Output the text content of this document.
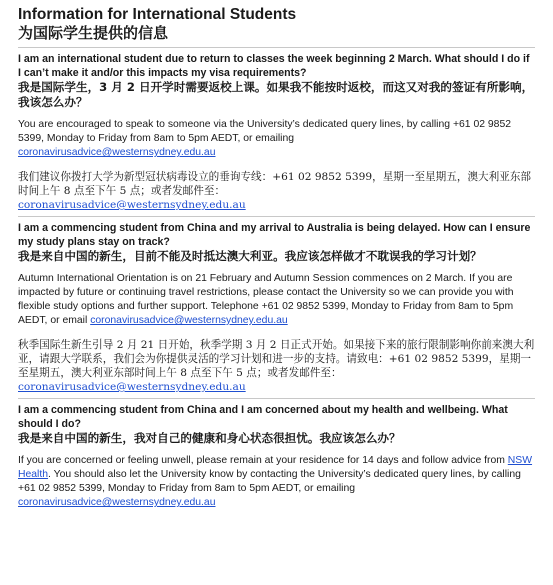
Information for International Students
为国际学生提供的信息

I am an international student due to return to classes the week beginning 2 March. What should I do if I can’t make it and/or this impacts my visa requirements?

我是国际学生，3 月 2 日开学时需要返校上课。如果我不能按时返校，而这又对我的签证有所影响，我该怎么办？

You are encouraged to speak to someone via the University’s dedicated query lines, by calling +61 02 9852 5399, Monday to Friday from 8am to 5pm AEDT, or emailing
coronavirusadvice@westernsydney.edu.au

我们建议你拨打大学为新型冠状病毒设立的垂询专线：+61 02 9852 5399，星期一至星期五，澳大利亚东部时间上午 8 点至下午 5 点；或者发邮件至：
coronavirusadvice@westernsydney.edu.au

I am a commencing student from China and my arrival to Australia is being delayed. How can I ensure my study plans stay on track?

我是来自中国的新生，目前不能及时抵达澳大利亚。我应该怎样做才不耽误我的学习计划？

Autumn International Orientation is on 21 February and Autumn Session commences on 2 March. If you are impacted by future or continuing travel restrictions, please contact the University so we can provide you with flexible study options and further support. Telephone +61 02 9852 5399, Monday to Friday from 8am to 5pm AEDT, or email coronavirusadvice@westernsydney.edu.au

秋季国际生新生引导 2 月 21 日开始，秋季学期 3 月 2 日正式开始。如果接下来的旅行限制影响你前来澳大利亚，请跟大学联系，我们会为你提供灵活的学习计划和进一步的支持。请致电：+61 02 9852 5399，星期一至星期五，澳大利亚东部时间上午 8 点至下午 5 点；或者发邮件至： coronavirusadvice@westernsydney.edu.au

I am a commencing student from China and I am concerned about my health and wellbeing. What should I do?

我是来自中国的新生，我对自己的健康和身心状态很担忧。我应该怎么办？

If you are concerned or feeling unwell, please remain at your residence for 14 days and follow advice from NSW Health. You should also let the University know by contacting the University’s dedicated query lines, by calling +61 02 9852 5399, Monday to Friday from 8am to 5pm AEDT, or emailing
coronavirusadvice@westernsydney.edu.au
